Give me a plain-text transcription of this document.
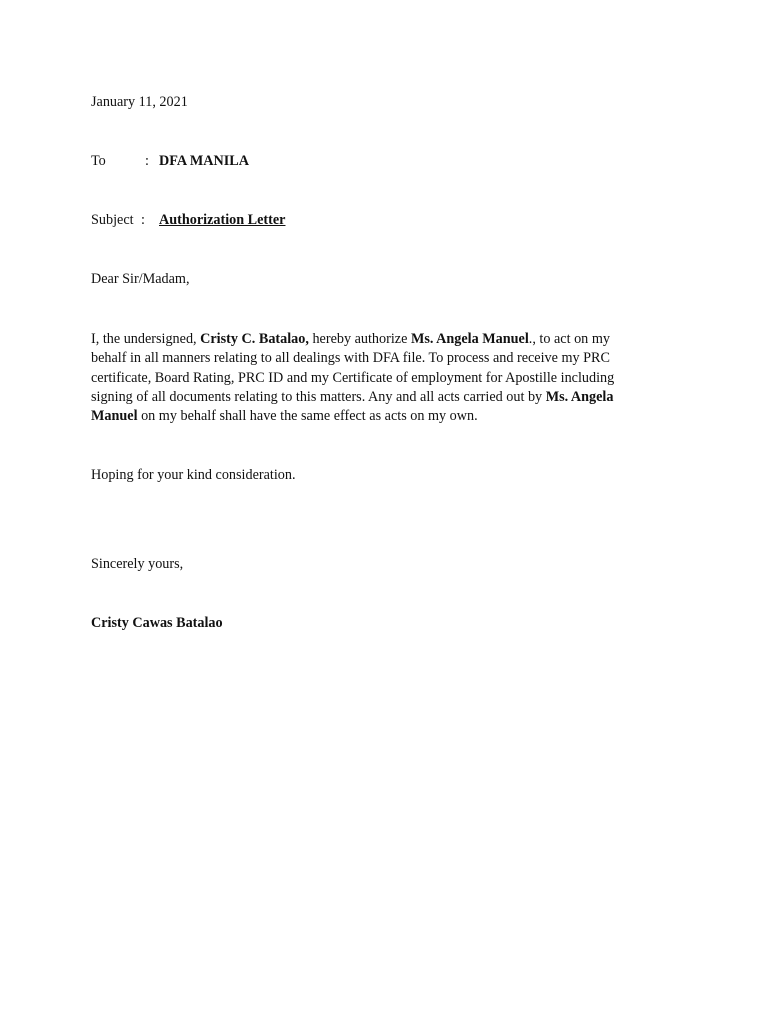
January 11, 2021
To	: DFA MANILA
Subject : Authorization Letter
Dear Sir/Madam,
I, the undersigned, Cristy C. Batalao, hereby authorize Ms. Angela Manuel., to act on my
behalf in all manners relating to all dealings with DFA file. To process and receive my PRC
certificate, Board Rating, PRC ID and my Certificate of employment for Apostille including
signing of all documents relating to this matters. Any and all acts carried out by Ms. Angela
Manuel on my behalf shall have the same effect as acts on my own.
Hoping for your kind consideration.
Sincerely yours,
Cristy Cawas Batalao
